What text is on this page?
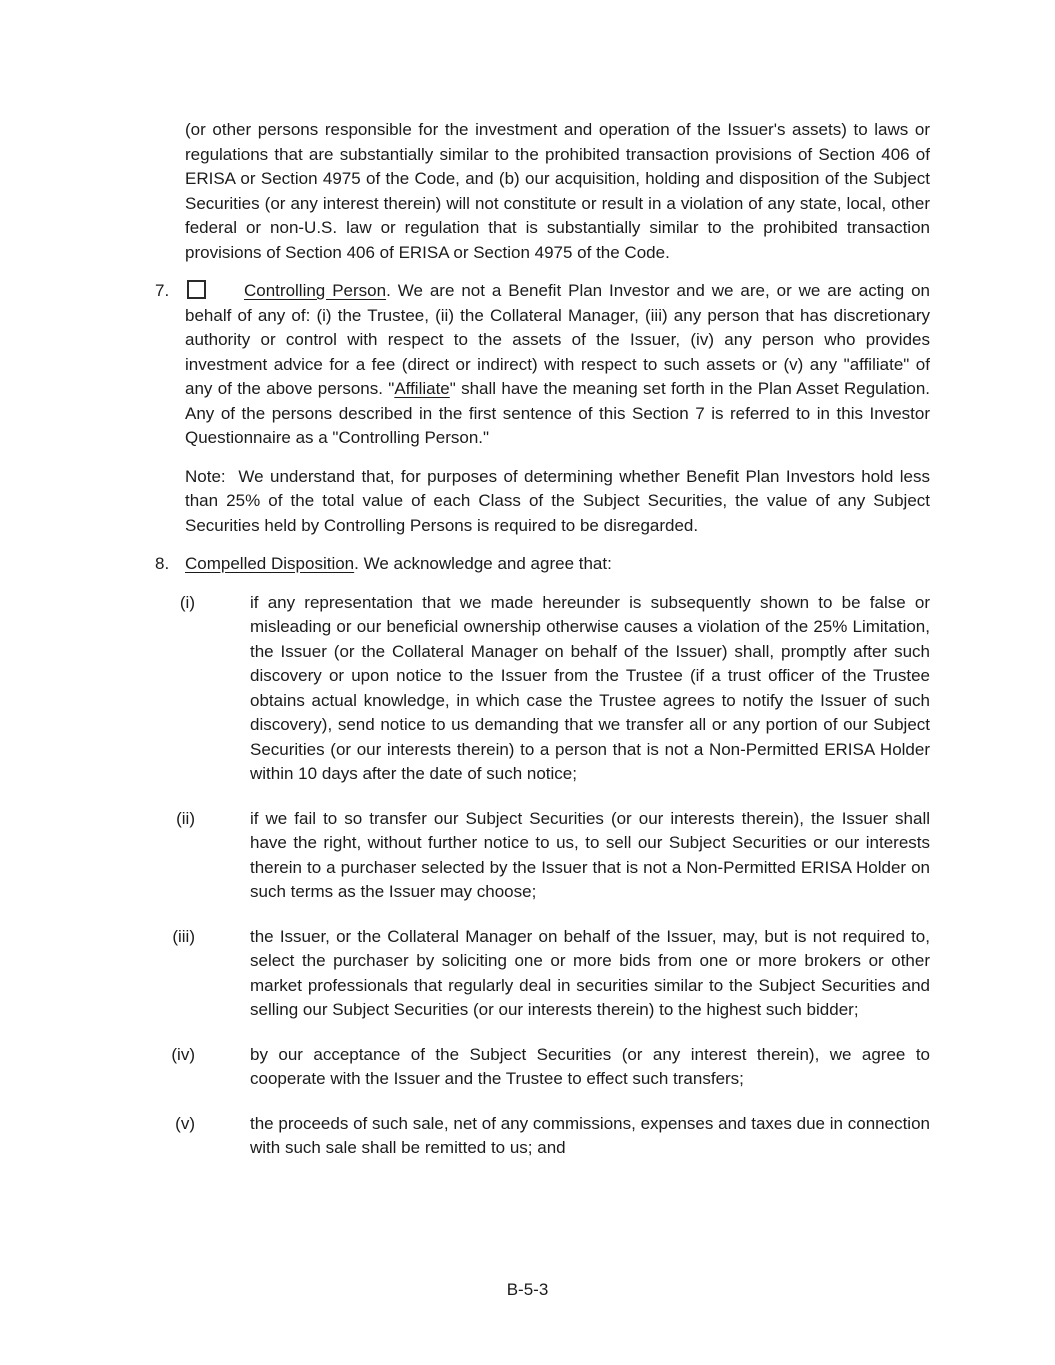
(or other persons responsible for the investment and operation of the Issuer's assets) to laws or regulations that are substantially similar to the prohibited transaction provisions of Section 406 of ERISA or Section 4975 of the Code, and (b) our acquisition, holding and disposition of the Subject Securities (or any interest therein) will not constitute or result in a violation of any state, local, other federal or non-U.S. law or regulation that is substantially similar to the prohibited transaction provisions of Section 406 of ERISA or Section 4975 of the Code.

7.	Controlling Person. We are not a Benefit Plan Investor and we are, or we are acting on behalf of any of: (i) the Trustee, (ii) the Collateral Manager, (iii) any person that has discretionary authority or control with respect to the assets of the Issuer, (iv) any person who provides investment advice for a fee (direct or indirect) with respect to such assets or (v) any "affiliate" of any of the above persons. "Affiliate" shall have the meaning set forth in the Plan Asset Regulation. Any of the persons described in the first sentence of this Section 7 is referred to in this Investor Questionnaire as a "Controlling Person."

Note:  We understand that, for purposes of determining whether Benefit Plan Investors hold less than 25% of the total value of each Class of the Subject Securities, the value of any Subject Securities held by Controlling Persons is required to be disregarded.

8. Compelled Disposition. We acknowledge and agree that:
(i)	if any representation that we made hereunder is subsequently shown to be false or misleading or our beneficial ownership otherwise causes a violation of the 25% Limitation, the Issuer (or the Collateral Manager on behalf of the Issuer) shall, promptly after such discovery or upon notice to the Issuer from the Trustee (if a trust officer of the Trustee obtains actual knowledge, in which case the Trustee agrees to notify the Issuer of such discovery), send notice to us demanding that we transfer all or any portion of our Subject Securities (or our interests therein) to a person that is not a Non-Permitted ERISA Holder within 10 days after the date of such notice;
(ii)	if we fail to so transfer our Subject Securities (or our interests therein), the Issuer shall have the right, without further notice to us, to sell our Subject Securities or our interests therein to a purchaser selected by the Issuer that is not a Non-Permitted ERISA Holder on such terms as the Issuer may choose;
(iii)	the Issuer, or the Collateral Manager on behalf of the Issuer, may, but is not required to, select the purchaser by soliciting one or more bids from one or more brokers or other market professionals that regularly deal in securities similar to the Subject Securities and selling our Subject Securities (or our interests therein) to the highest such bidder;
(iv)	by our acceptance of the Subject Securities (or any interest therein), we agree to cooperate with the Issuer and the Trustee to effect such transfers;
(v)	the proceeds of such sale, net of any commissions, expenses and taxes due in connection with such sale shall be remitted to us; and
B-5-3
